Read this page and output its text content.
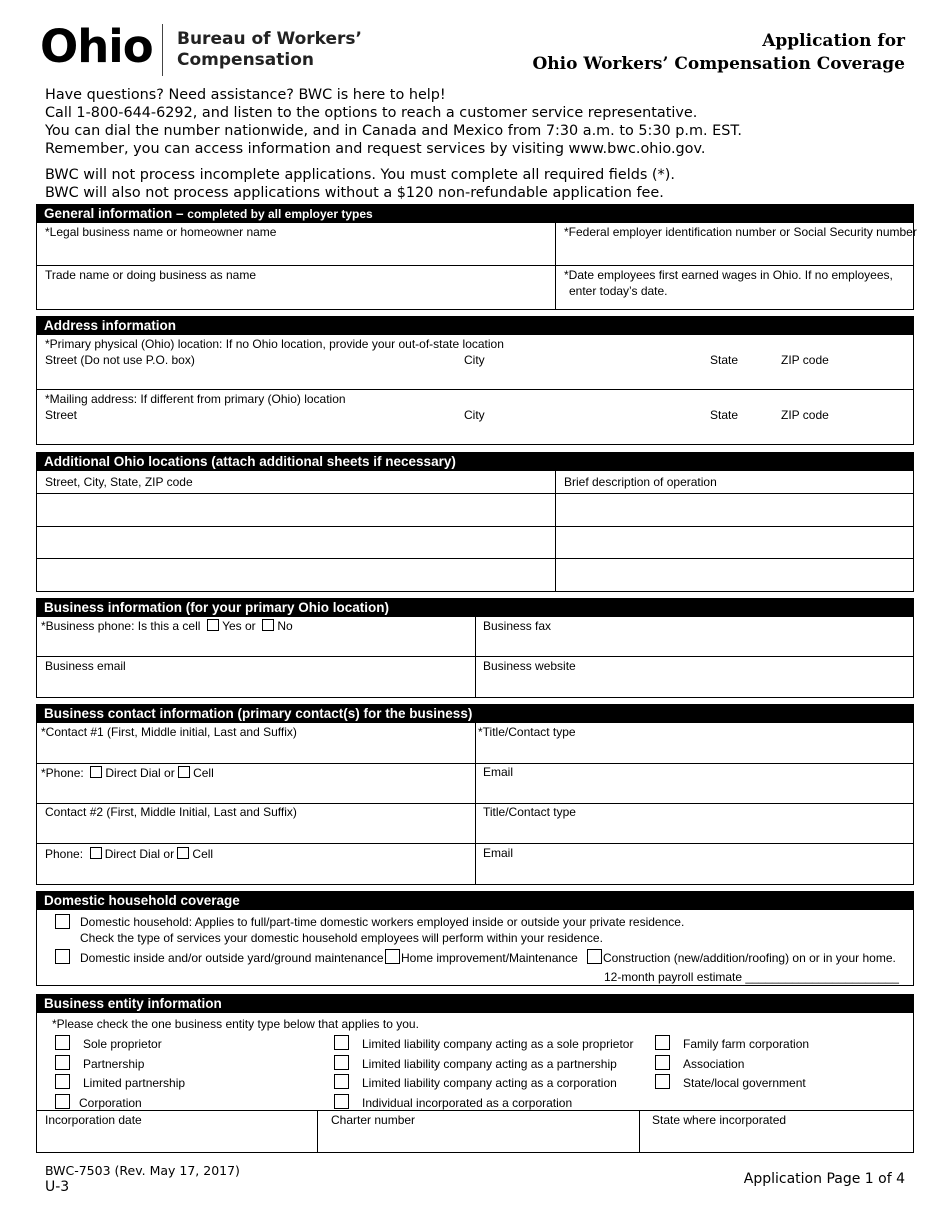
Ohio Bureau of Workers’
Compensation
Application for
Ohio Workers’ Compensation Coverage
Have questions? Need assistance? BWC is here to help!
Call 1-800-644-6292, and listen to the options to reach a customer service representative.
You can dial the number nationwide, and in Canada and Mexico from 7:30 a.m. to 5:30 p.m. EST.
Remember, you can access information and request services by visiting www.bwc.ohio.gov.
BWC will not process incomplete applications. You must complete all required fields (*).
BWC will also not process applications without a $120 non-refundable application fee.
General information – completed by all employer types
*Legal business name or homeowner name	*Federal employer identification number or Social Security number
Trade name or doing business as name	*Date employees first earned wages in Ohio. If no employees,
enter today’s date.
Address information
*Primary physical (Ohio) location: If no Ohio location, provide your out-of-state location
Street (Do not use P.O. box)	City	State	ZIP code
*Mailing address: If different from primary (Ohio) location
Street	City	State	ZIP code
Additional Ohio locations (attach additional sheets if necessary)
Street, City, State, ZIP code	Brief description of operation
Business information (for your primary Ohio location)
*Business phone: Is this a cell Yes or No	Business fax
Business email	Business website
Business contact information (primary contact(s) for the business)
*Contact #1 (First, Middle initial, Last and Suffix)	*Title/Contact type
*Phone: Direct Dial or Cell	Email
Contact #2 (First, Middle Initial, Last and Suffix)	Title/Contact type
Phone: Direct Dial or Cell	Email
Domestic household coverage
Domestic household: Applies to full/part-time domestic workers employed inside or outside your private residence.
Check the type of services your domestic household employees will perform within your residence.
Domestic inside and/or outside yard/ground maintenance Home improvement/Maintenance Construction (new/addition/roofing) on or in your home.
12-month payroll estimate _______________________
Business entity information
*Please check the one business entity type below that applies to you.
Sole proprietor
Partnership
Limited partnership
Corporation
Limited liability company acting as a sole proprietor
Limited liability company acting as a partnership
Limited liability company acting as a corporation
Individual incorporated as a corporation
Family farm corporation
Association
State/local government
Incorporation date	Charter number	State where incorporated
BWC-7503 (Rev. May 17, 2017)
U-3	Application Page 1 of 4
